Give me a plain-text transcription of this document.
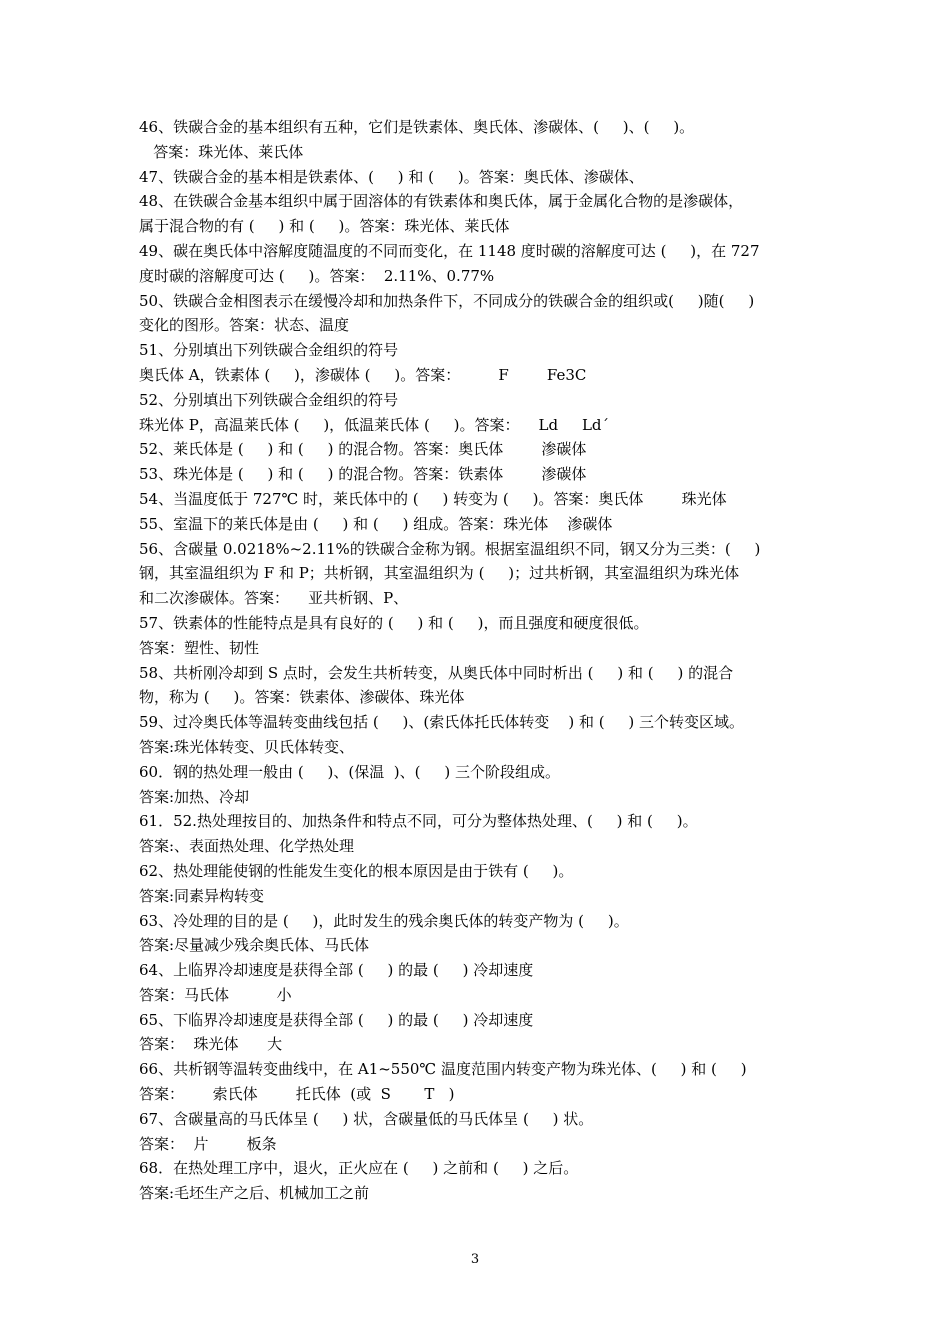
46、铁碳合金的基本组织有五种，它们是铁素体、奥氏体、渗碳体、(     )、(     )。
答案：珠光体、莱氏体
47、铁碳合金的基本相是铁素体、(     ) 和 (     )。答案：奥氏体、渗碳体、
48、在铁碳合金基本组织中属于固溶体的有铁素体和奥氏体，属于金属化合物的是渗碳体，
属于混合物的有 (     ) 和 (     )。答案：珠光体、莱氏体
49、碳在奥氏体中溶解度随温度的不同而变化，在 1148 度时碳的溶解度可达 (     )，在 727
度时碳的溶解度可达 (     )。答案：  2.11%、0.77%
50、铁碳合金相图表示在缓慢冷却和加热条件下，不同成分的铁碳合金的组织或(     )随(     )
变化的图形。答案：状态、温度
51、分别填出下列铁碳合金组织的符号
奥氏体 A，铁素体 (     )，渗碳体 (     )。答案：        F        Fe3C
52、分别填出下列铁碳合金组织的符号
珠光体 P，高温莱氏体 (     )，低温莱氏体 (     )。答案：    Ld     Ld´
52、莱氏体是 (     ) 和 (     ) 的混合物。答案：奥氏体        渗碳体
53、珠光体是 (     ) 和 (     ) 的混合物。答案：铁素体        渗碳体
54、当温度低于 727℃ 时，莱氏体中的 (     ) 转变为 (     )。答案：奥氏体        珠光体
55、室温下的莱氏体是由 (     ) 和 (     ) 组成。答案：珠光体    渗碳体
56、含碳量 0.0218%~2.11%的铁碳合金称为钢。根据室温组织不同，钢又分为三类：(     )
钢，其室温组织为 F 和 P；共析钢，其室温组织为 (     )；过共析钢，其室温组织为珠光体
和二次渗碳体。答案：    亚共析钢、P、
57、铁素体的性能特点是具有良好的 (     ) 和 (     )，而且强度和硬度很低。
答案：塑性、韧性
58、共析刚冷却到 S 点时，会发生共析转变，从奥氏体中同时析出 (     ) 和 (     ) 的混合
物，称为 (     )。答案：铁素体、渗碳体、珠光体
59、过冷奥氏体等温转变曲线包括 (     )、(索氏体托氏体转变    ) 和 (     ) 三个转变区域。
答案:珠光体转变、贝氏体转变、
60．钢的热处理一般由 (     )、(保温  )、(     ) 三个阶段组成。
答案:加热、冷却
61．52.热处理按目的、加热条件和特点不同，可分为整体热处理、(     ) 和 (     )。
答案:、表面热处理、化学热处理
62、热处理能使钢的性能发生变化的根本原因是由于铁有 (     )。
答案:同素异构转变
63、冷处理的目的是 (     )，此时发生的残余奥氏体的转变产物为 (     )。
答案:尽量减少残余奥氏体、马氏体
64、上临界冷却速度是获得全部 (     ) 的最 (     ) 冷却速度
答案：马氏体          小
65、下临界冷却速度是获得全部 (     ) 的最 (     ) 冷却速度
答案：  珠光体      大
66、共析钢等温转变曲线中，在 A1~550℃ 温度范围内转变产物为珠光体、(     ) 和 (     )
答案：      索氏体        托氏体  (或  S       T   )
67、含碳量高的马氏体呈 (     ) 状，含碳量低的马氏体呈 (     ) 状。
答案：  片        板条
68．在热处理工序中，退火，正火应在 (     ) 之前和 (     ) 之后。
答案:毛坯生产之后、机械加工之前
3
